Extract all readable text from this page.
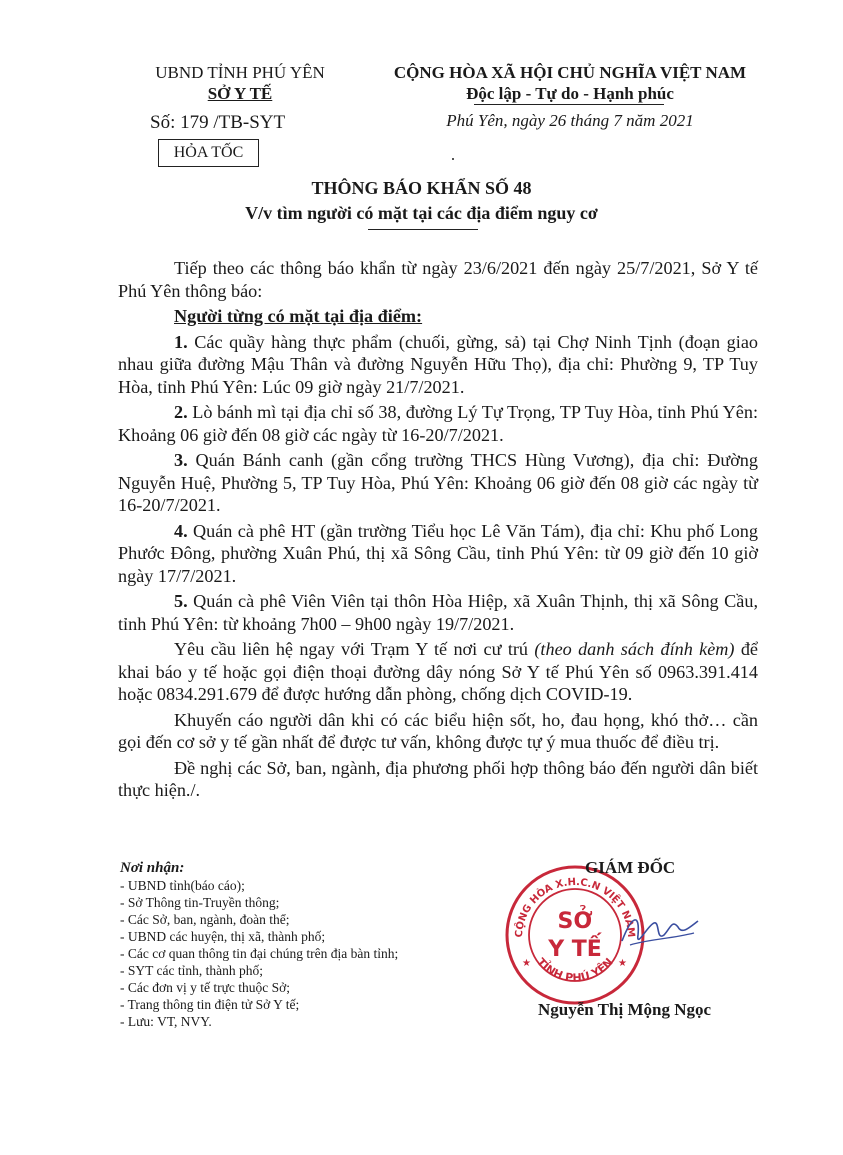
UBND TỈNH PHÚ YÊN
SỞ Y TẾ
CỘNG HÒA XÃ HỘI CHỦ NGHĨA VIỆT NAM
Độc lập - Tự do - Hạnh phúc
Số: 179 /TB-SYT
HỎA TỐC
Phú Yên, ngày 26 tháng 7 năm 2021
THÔNG BÁO KHẨN SỐ 48
V/v tìm người có mặt tại các địa điểm nguy cơ

Tiếp theo các thông báo khẩn từ ngày 23/6/2021 đến ngày 25/7/2021, Sở Y tế Phú Yên thông báo:

Người từng có mặt tại địa điểm:

1. Các quầy hàng thực phẩm (chuối, gừng, sả) tại Chợ Ninh Tịnh (đoạn giao nhau giữa đường Mậu Thân và đường Nguyễn Hữu Thọ), địa chỉ: Phường 9, TP Tuy Hòa, tỉnh Phú Yên: Lúc 09 giờ ngày 21/7/2021.

2. Lò bánh mì tại địa chỉ số 38, đường Lý Tự Trọng, TP Tuy Hòa, tỉnh Phú Yên: Khoảng 06 giờ đến 08 giờ các ngày từ 16-20/7/2021.

3. Quán Bánh canh (gần cổng trường THCS Hùng Vương), địa chỉ: Đường Nguyễn Huệ, Phường 5, TP Tuy Hòa, Phú Yên: Khoảng 06 giờ đến 08 giờ các ngày từ 16-20/7/2021.

4. Quán cà phê HT (gần trường Tiểu học Lê Văn Tám), địa chỉ: Khu phố Long Phước Đông, phường Xuân Phú, thị xã Sông Cầu, tỉnh Phú Yên: từ 09 giờ đến 10 giờ ngày 17/7/2021.

5. Quán cà phê Viên Viên tại thôn Hòa Hiệp, xã Xuân Thịnh, thị xã Sông Cầu, tỉnh Phú Yên: từ khoảng 7h00 – 9h00 ngày 19/7/2021.

Yêu cầu liên hệ ngay với Trạm Y tế nơi cư trú (theo danh sách đính kèm) để khai báo y tế hoặc gọi điện thoại đường dây nóng Sở Y tế Phú Yên số 0963.391.414 hoặc 0834.291.679 để được hướng dẫn phòng, chống dịch COVID-19.

Khuyến cáo người dân khi có các biểu hiện sốt, ho, đau họng, khó thở… cần gọi đến cơ sở y tế gần nhất để được tư vấn, không được tự ý mua thuốc để điều trị.

Đề nghị các Sở, ban, ngành, địa phương phối hợp thông báo đến người dân biết thực hiện./.

Nơi nhận:
- UBND tỉnh(báo cáo);
- Sở Thông tin-Truyền thông;
- Các Sở, ban, ngành, đoàn thể;
- UBND các huyện, thị xã, thành phố;
- Các cơ quan thông tin đại chúng trên địa bàn tỉnh;
- SYT các tỉnh, thành phố;
- Các đơn vị y tế trực thuộc Sở;
- Trang thông tin điện tử Sở Y tế;
- Lưu: VT, NVY.
CỘNG HÒA X.H.C.N VIỆT NAM
TỈNH PHÚ YÊN
★	★
SỞ
Y TẾ
GIÁM ĐỐC
Nguyễn Thị Mộng Ngọc
